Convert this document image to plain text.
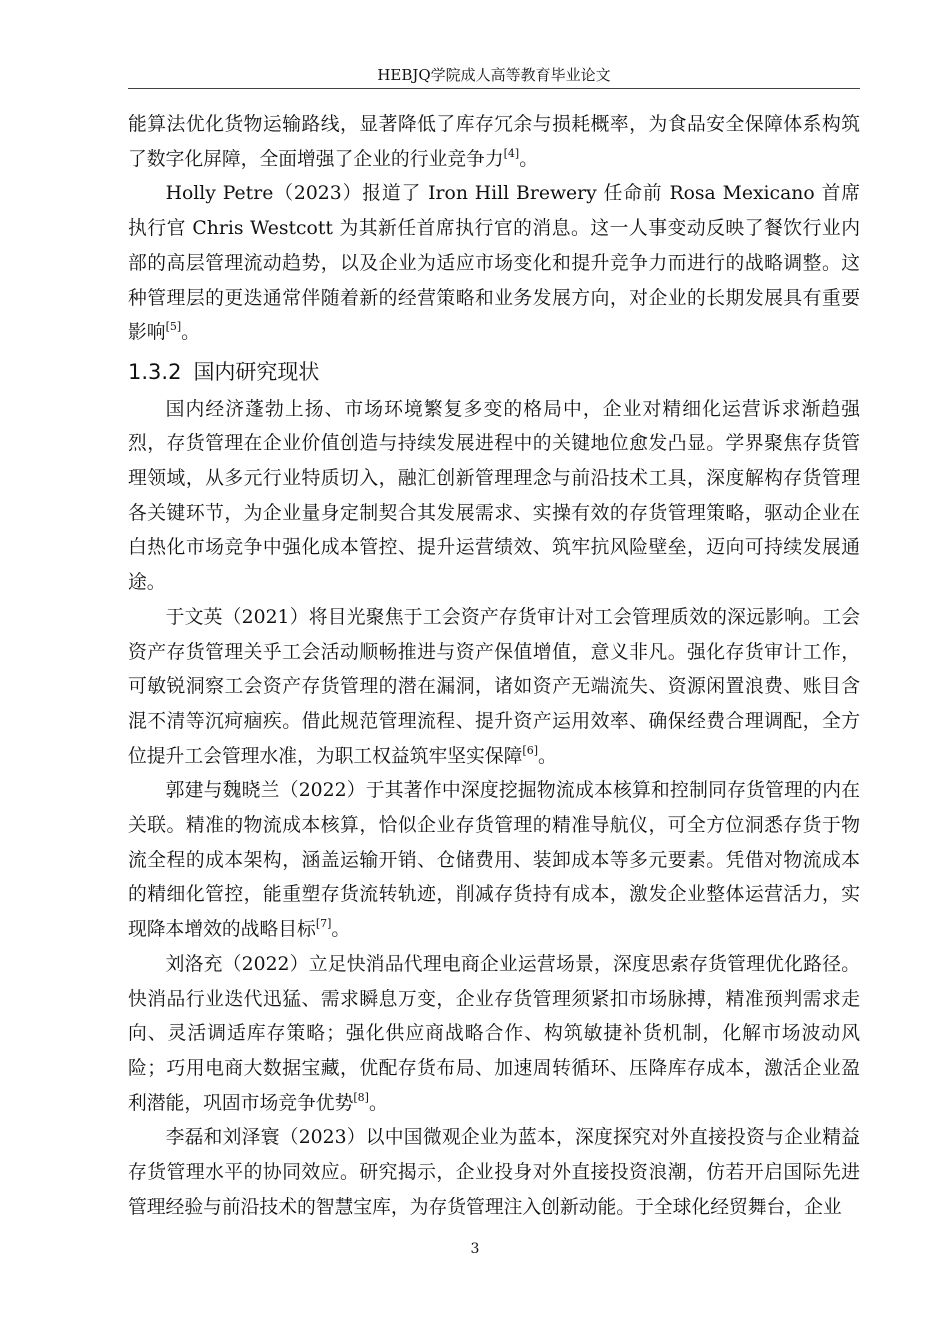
HEBJQ学院成人高等教育毕业论文

能算法优化货物运输路线，显著降低了库存冗余与损耗概率，为食品安全保障体系构筑了数字化屏障，全面增强了企业的行业竞争力[4]。

Holly Petre（2023）报道了 Iron Hill Brewery 任命前 Rosa Mexicano 首席执行官 Chris Westcott 为其新任首席执行官的消息。这一人事变动反映了餐饮行业内部的高层管理流动趋势，以及企业为适应市场变化和提升竞争力而进行的战略调整。这种管理层的更迭通常伴随着新的经营策略和业务发展方向，对企业的长期发展具有重要影响[5]。

1.3.2 国内研究现状

国内经济蓬勃上扬、市场环境繁复多变的格局中，企业对精细化运营诉求渐趋强烈，存货管理在企业价值创造与持续发展进程中的关键地位愈发凸显。学界聚焦存货管理领域，从多元行业特质切入，融汇创新管理理念与前沿技术工具，深度解构存货管理各关键环节，为企业量身定制契合其发展需求、实操有效的存货管理策略，驱动企业在白热化市场竞争中强化成本管控、提升运营绩效、筑牢抗风险壁垒，迈向可持续发展通途。

于文英（2021）将目光聚焦于工会资产存货审计对工会管理质效的深远影响。工会资产存货管理关乎工会活动顺畅推进与资产保值增值，意义非凡。强化存货审计工作，可敏锐洞察工会资产存货管理的潜在漏洞，诸如资产无端流失、资源闲置浪费、账目含混不清等沉疴痼疾。借此规范管理流程、提升资产运用效率、确保经费合理调配，全方位提升工会管理水准，为职工权益筑牢坚实保障[6]。

郭建与魏晓兰（2022）于其著作中深度挖掘物流成本核算和控制同存货管理的内在关联。精准的物流成本核算，恰似企业存货管理的精准导航仪，可全方位洞悉存货于物流全程的成本架构，涵盖运输开销、仓储费用、装卸成本等多元要素。凭借对物流成本的精细化管控，能重塑存货流转轨迹，削减存货持有成本，激发企业整体运营活力，实现降本增效的战略目标[7]。

刘洛充（2022）立足快消品代理电商企业运营场景，深度思索存货管理优化路径。快消品行业迭代迅猛、需求瞬息万变，企业存货管理须紧扣市场脉搏，精准预判需求走向、灵活调适库存策略；强化供应商战略合作、构筑敏捷补货机制，化解市场波动风险；巧用电商大数据宝藏，优配存货布局、加速周转循环、压降库存成本，激活企业盈利潜能，巩固市场竞争优势[8]。

李磊和刘泽寰（2023）以中国微观企业为蓝本，深度探究对外直接投资与企业精益存货管理水平的协同效应。研究揭示，企业投身对外直接投资浪潮，仿若开启国际先进管理经验与前沿技术的智慧宝库，为存货管理注入创新动能。于全球化经贸舞台，企业

3
